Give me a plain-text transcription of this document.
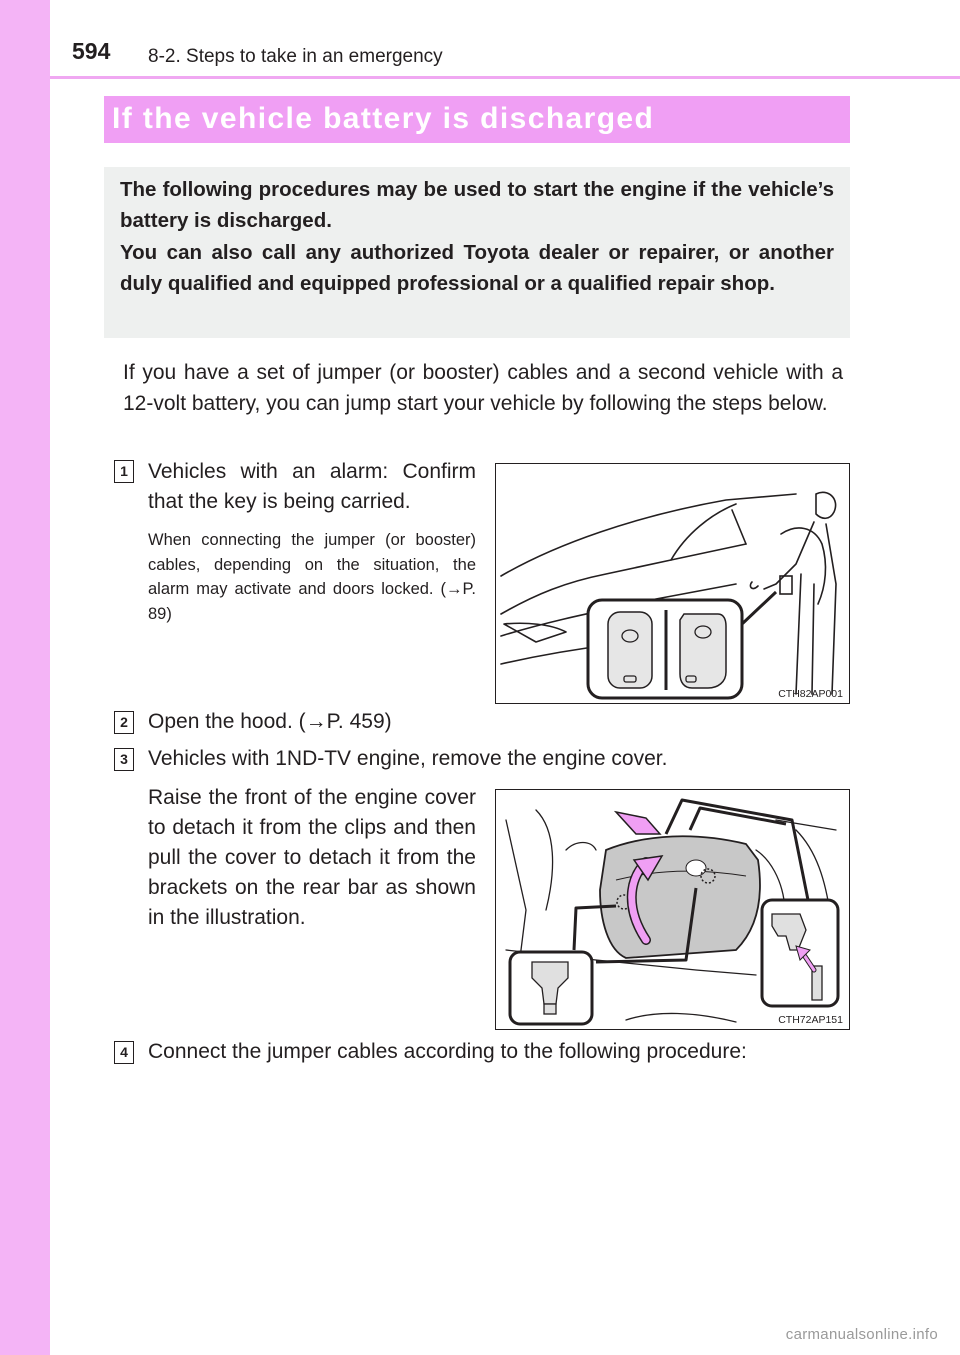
594 8-2. Steps to take in an emergency
If the vehicle battery is discharged

The following procedures may be used to start the engine if the vehicle’s battery is discharged.
You can also call any authorized Toyota dealer or repairer, or another duly qualified and equipped professional or a qualified repair shop.

If you have a set of jumper (or booster) cables and a second vehicle with a 12-volt battery, you can jump start your vehicle by following the steps below.

1 Vehicles with an alarm: Confirm that the key is being carried.

When connecting the jumper (or booster) cables, depending on the situation, the alarm may activate and doors locked. (→P. 89)

CTH82AP001
2 Open the hood. (→P. 459)

3 Vehicles with 1ND-TV engine, remove the engine cover.

Raise the front of the engine cover to detach it from the clips and then pull the cover to detach it from the brackets on the rear bar as shown in the illustration.

CTH72AP151
4 Connect the jumper cables according to the following procedure:

carmanualsonline.info
